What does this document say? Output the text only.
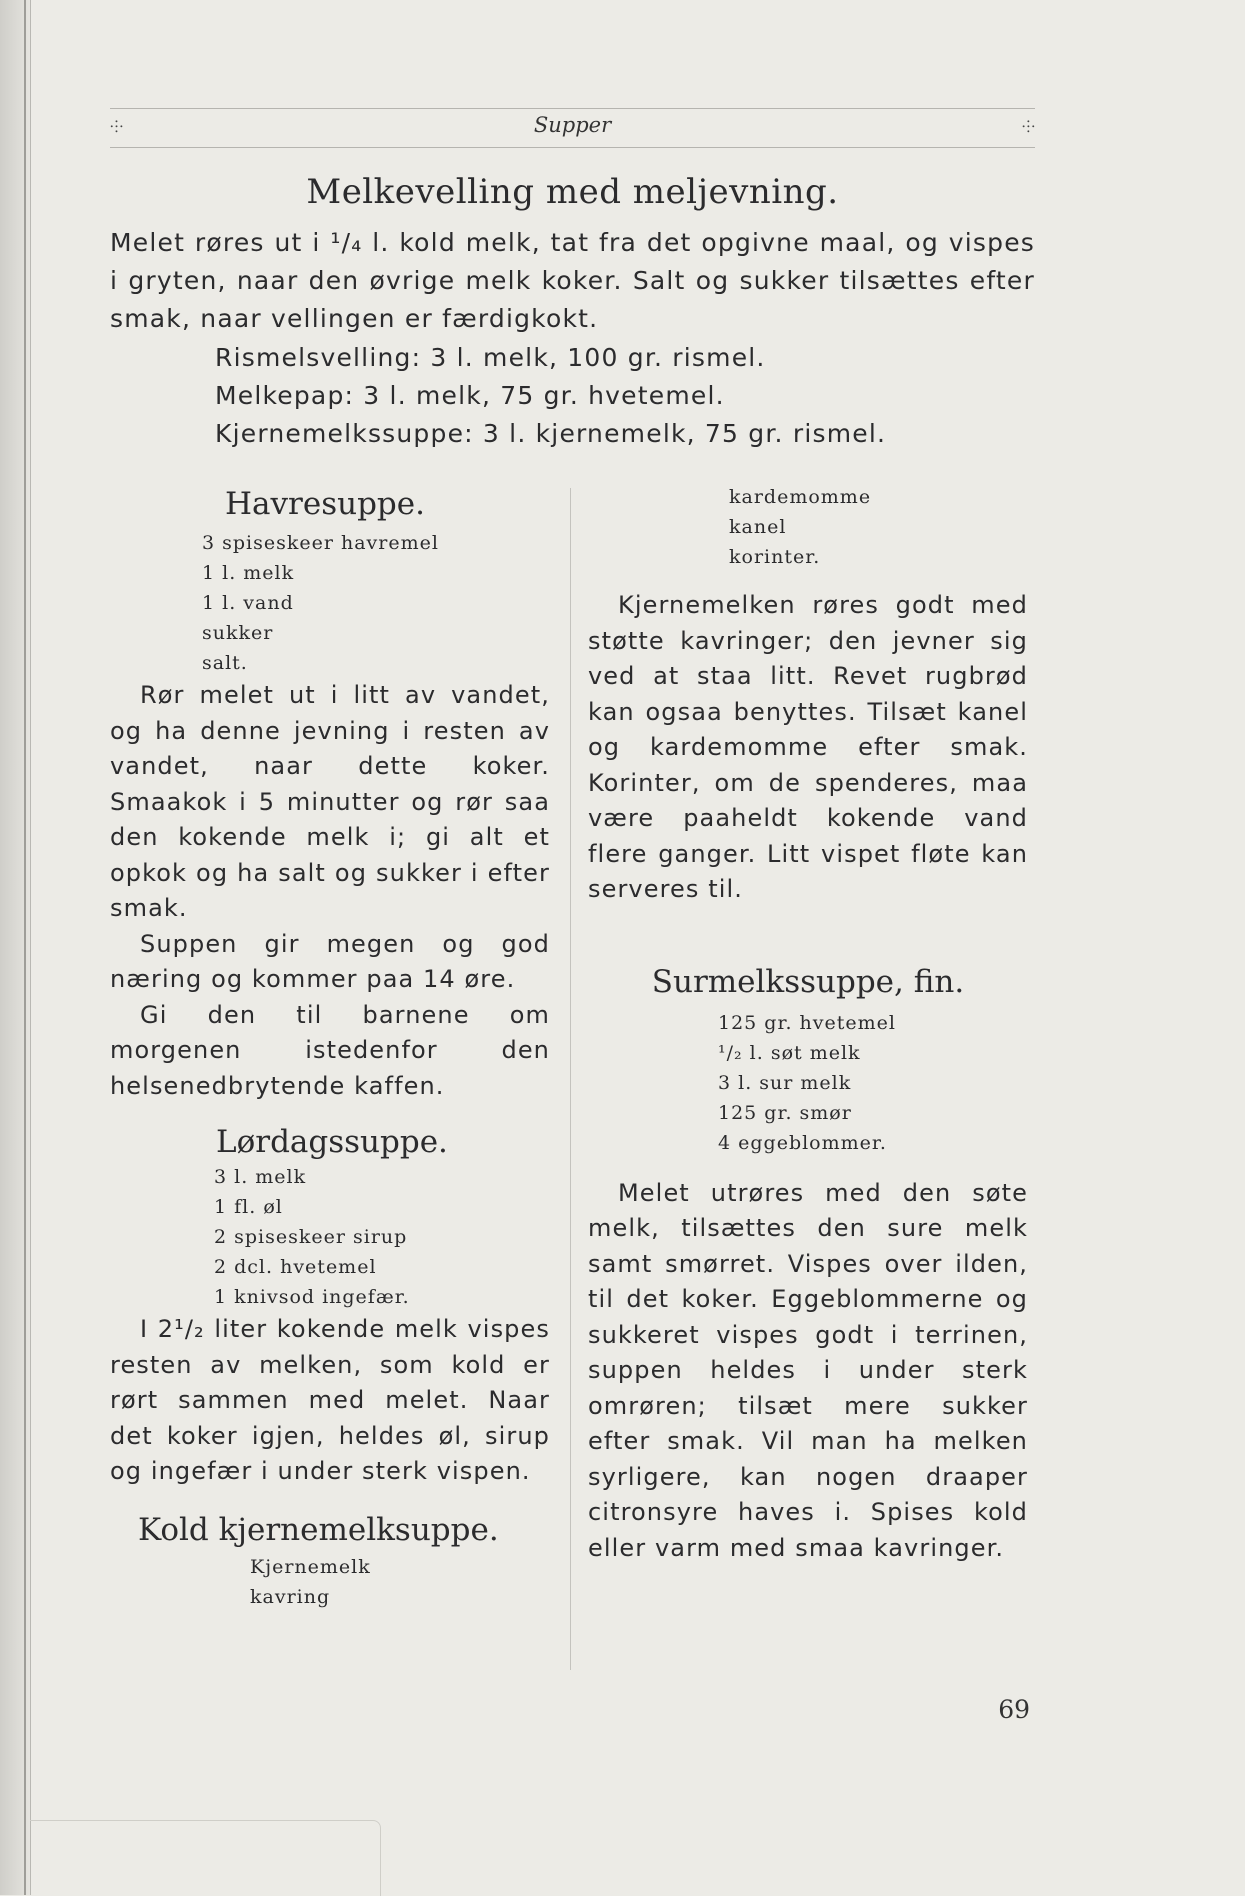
⸭	Supper	⸭
Melkevelling med meljevning.

Melet røres ut i ¹/₄ l. kold melk, tat fra det opgivne maal, og vispes i gryten, naar den øvrige melk koker. Salt og sukker tilsættes efter smak, naar vellingen er færdigkokt.

Rismelsvelling: 3 l. melk, 100 gr. rismel.
Melkepap: 3 l. melk, 75 gr. hvetemel.
Kjernemelkssuppe: 3 l. kjernemelk, 75 gr. rismel.
Havresuppe.
3 spiseskeer havremel
1 l. melk
1 l. vand
sukker
salt.

Rør melet ut i litt av vandet, og ha denne jevning i resten av vandet, naar dette koker. Smaakok i 5 minutter og rør saa den kokende melk i; gi alt et opkok og ha salt og sukker i efter smak.

Suppen gir megen og god næring og kommer paa 14 øre.

Gi den til barnene om morgenen istedenfor den helsenedbrytende kaffen.

Lørdagssuppe.
3 l. melk
1 fl. øl
2 spiseskeer sirup
2 dcl. hvetemel
1 knivsod ingefær.

I 2¹/₂ liter kokende melk vispes resten av melken, som kold er rørt sammen med melet. Naar det koker igjen, heldes øl, sirup og ingefær i under sterk vispen.

Kold kjernemelksuppe.
Kjernemelk
kavring
kardemomme
kanel
korinter.

Kjernemelken røres godt med støtte kavringer; den jevner sig ved at staa litt. Revet rugbrød kan ogsaa benyttes. Tilsæt kanel og kardemomme efter smak. Korinter, om de spenderes, maa være paaheldt kokende vand flere ganger. Litt vispet fløte kan serveres til.

Surmelkssuppe, fin.
125 gr. hvetemel
¹/₂ l. søt melk
3 l. sur melk
125 gr. smør
4 eggeblommer.

Melet utrøres med den søte melk, tilsættes den sure melk samt smørret. Vispes over ilden, til det koker. Eggeblommerne og sukkeret vispes godt i terrinen, suppen heldes i under sterk omrøren; tilsæt mere sukker efter smak. Vil man ha melken syrligere, kan nogen draaper citronsyre haves i. Spises kold eller varm med smaa kavringer.

69
